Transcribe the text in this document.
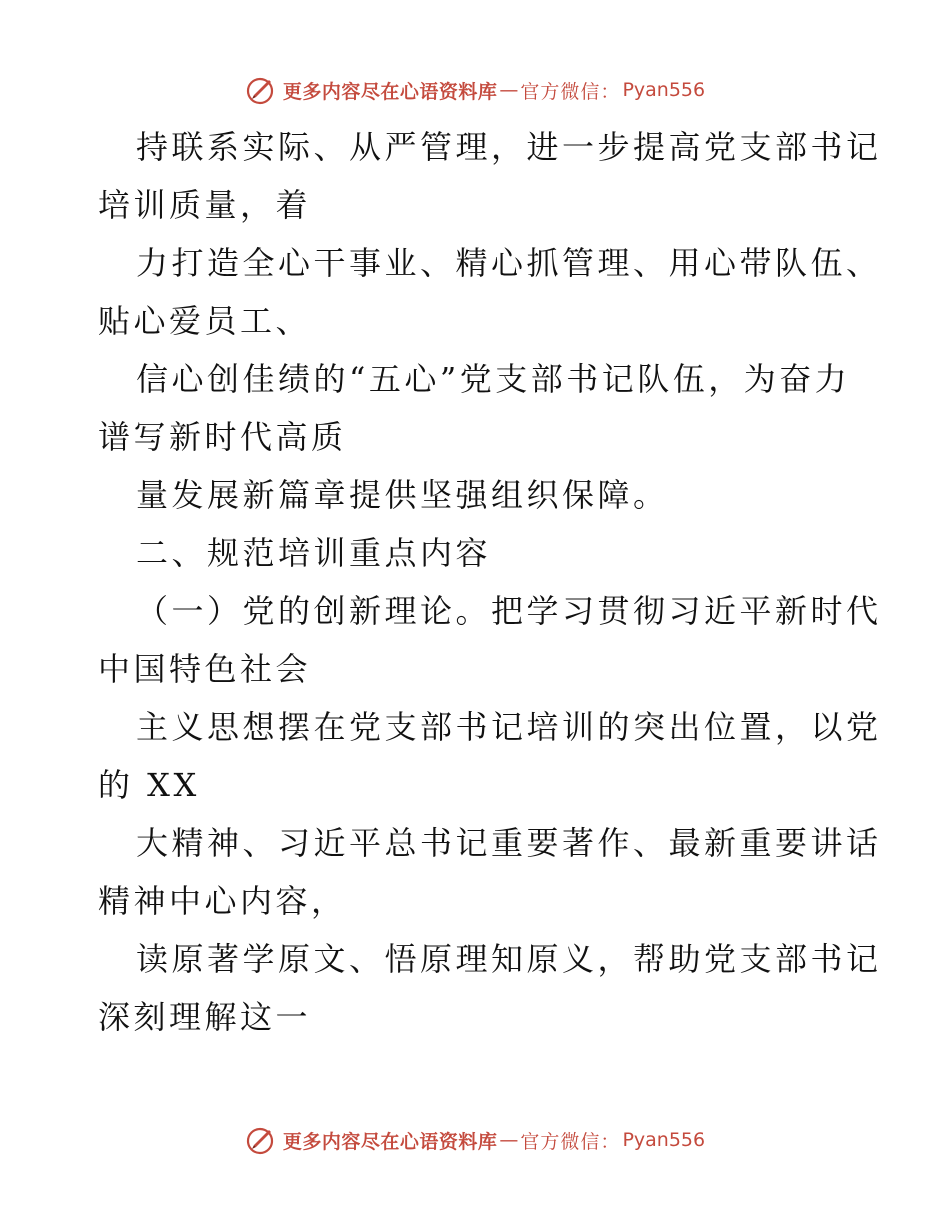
更多内容尽在心语资料库 — 官方微信： Pyan556

持联系实际、从严管理，进一步提高党支部书记
培训质量，着

力打造全心干事业、精心抓管理、用心带队伍、
贴心爱员工、

信心创佳绩的“五心”党支部书记队伍，为奋力
谱写新时代高质

量发展新篇章提供坚强组织保障。

二、规范培训重点内容

（一）党的创新理论。把学习贯彻习近平新时代
中国特色社会

主义思想摆在党支部书记培训的突出位置，以党
的 XX

大精神、习近平总书记重要著作、最新重要讲话
精神中心内容，

读原著学原文、悟原理知原义，帮助党支部书记
深刻理解这一

更多内容尽在心语资料库 — 官方微信： Pyan556
